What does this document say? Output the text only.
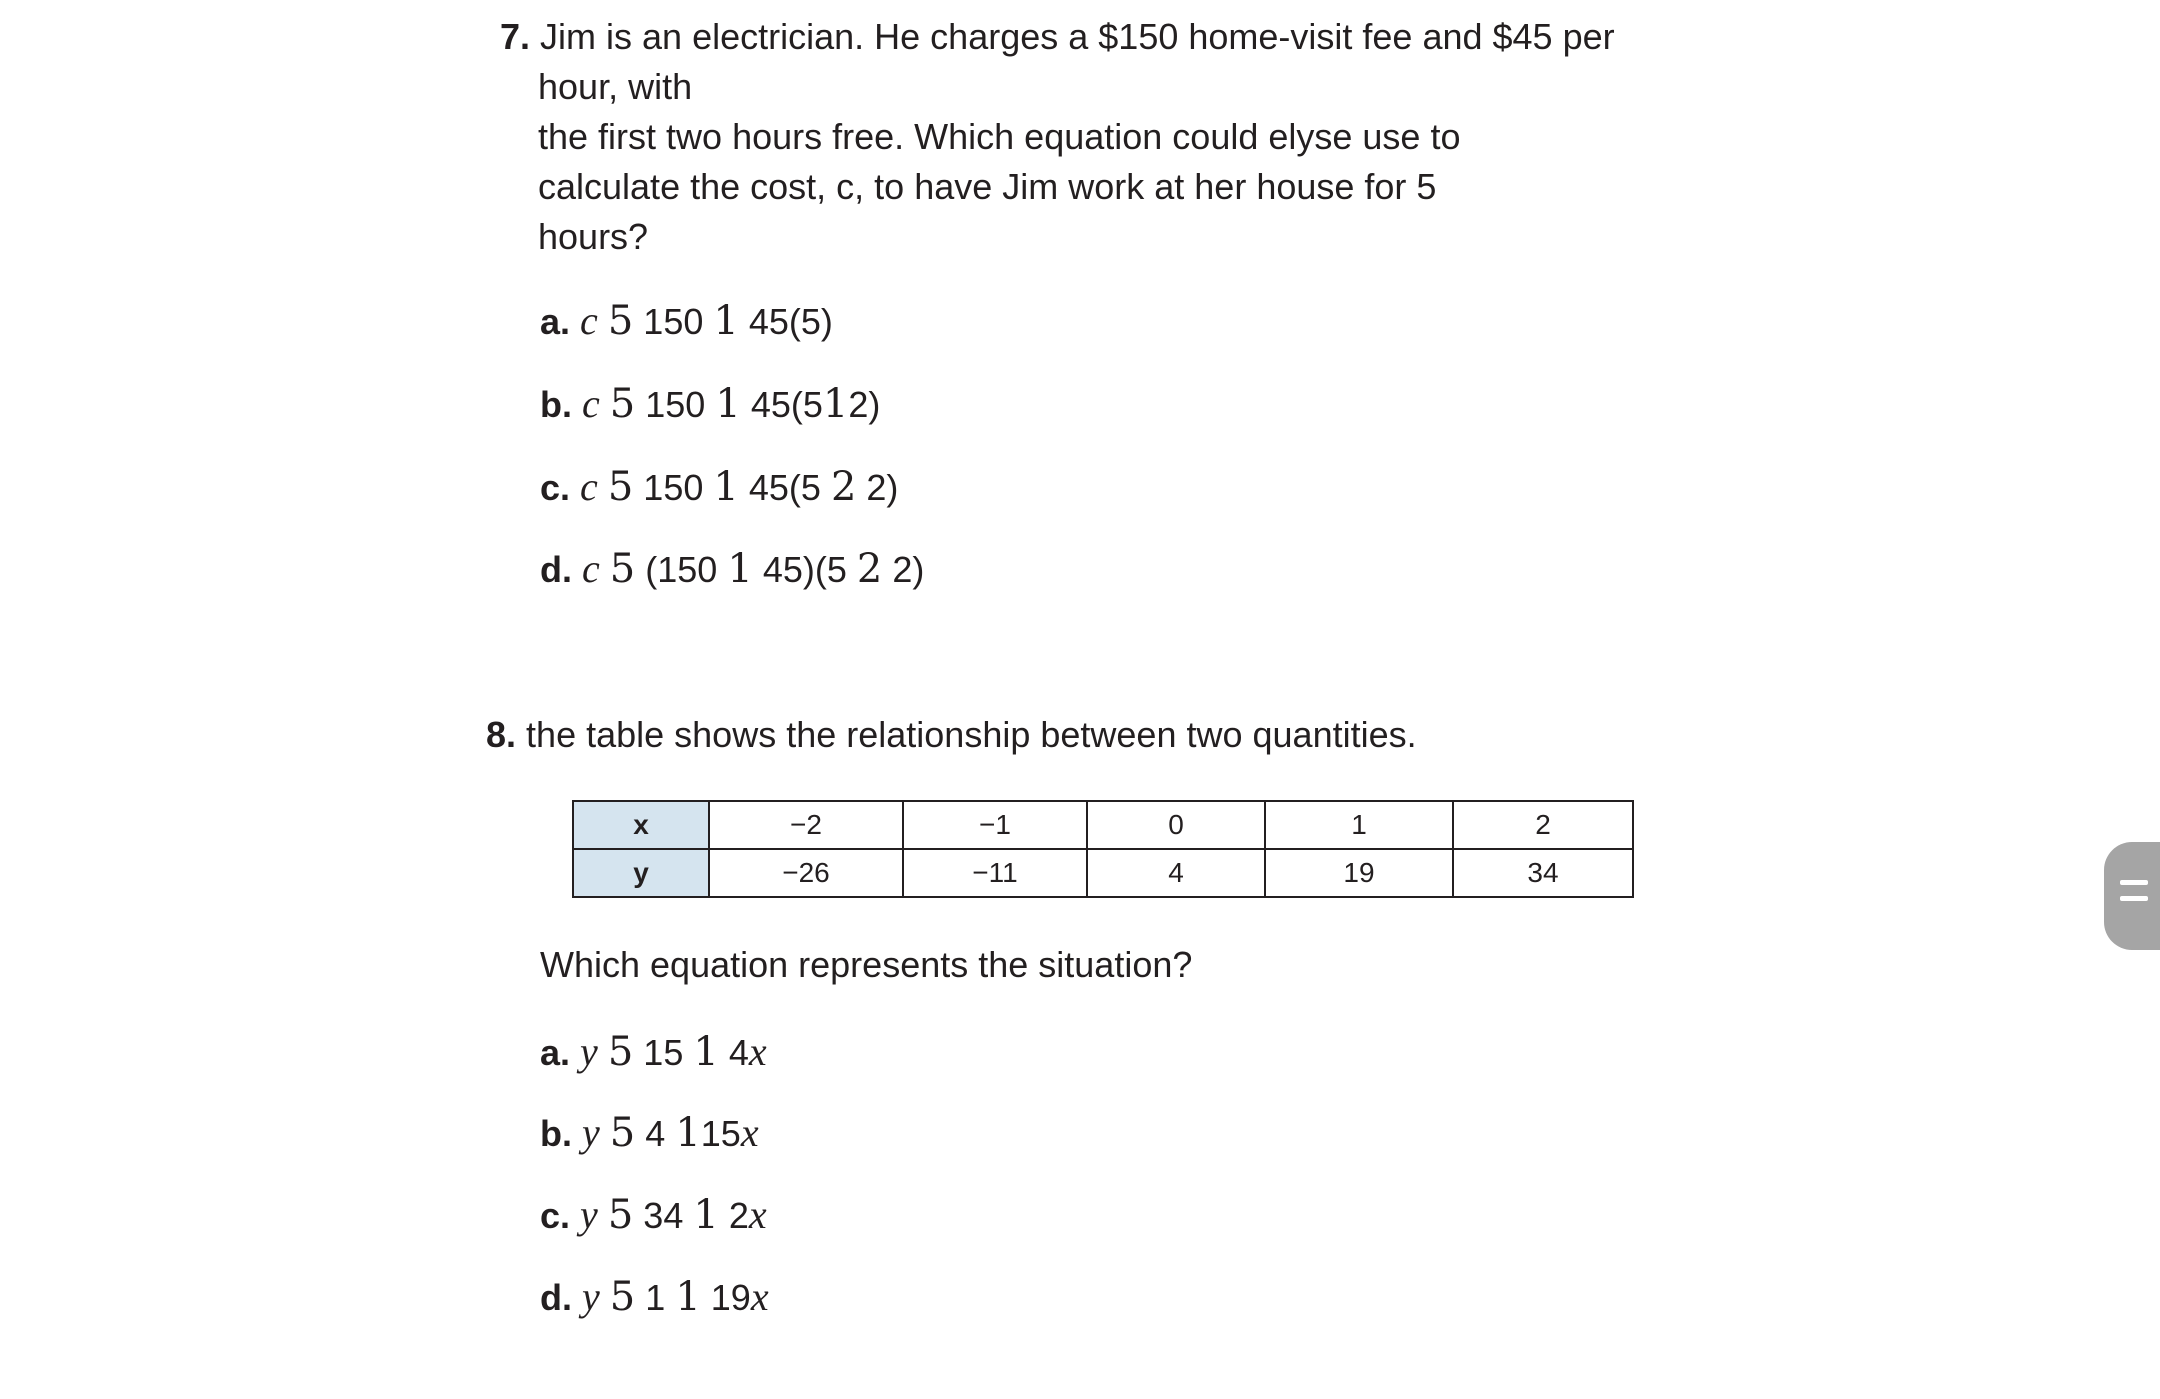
7. Jim is an electrician. He charges a $150 home-visit fee and $45 per
hour, with
the first two hours free. Which equation could elyse use to
calculate the cost, c, to have Jim work at her house for 5
hours?
a. c 5 150 1 45(5)
b. c 5 150 1 45(512)
c. c 5 150 1 45(5 2 2)
d. c 5 (150 1 45)(5 2 2)
8. the table shows the relationship between two quantities.
x	−2	−1	0	1	2
y	−26	−11	4	19	34
Which equation represents the situation?
a. y 5 15 1 4x
b. y 5 4 115x
c. y 5 34 1 2x
d. y 5 1 1 19x
